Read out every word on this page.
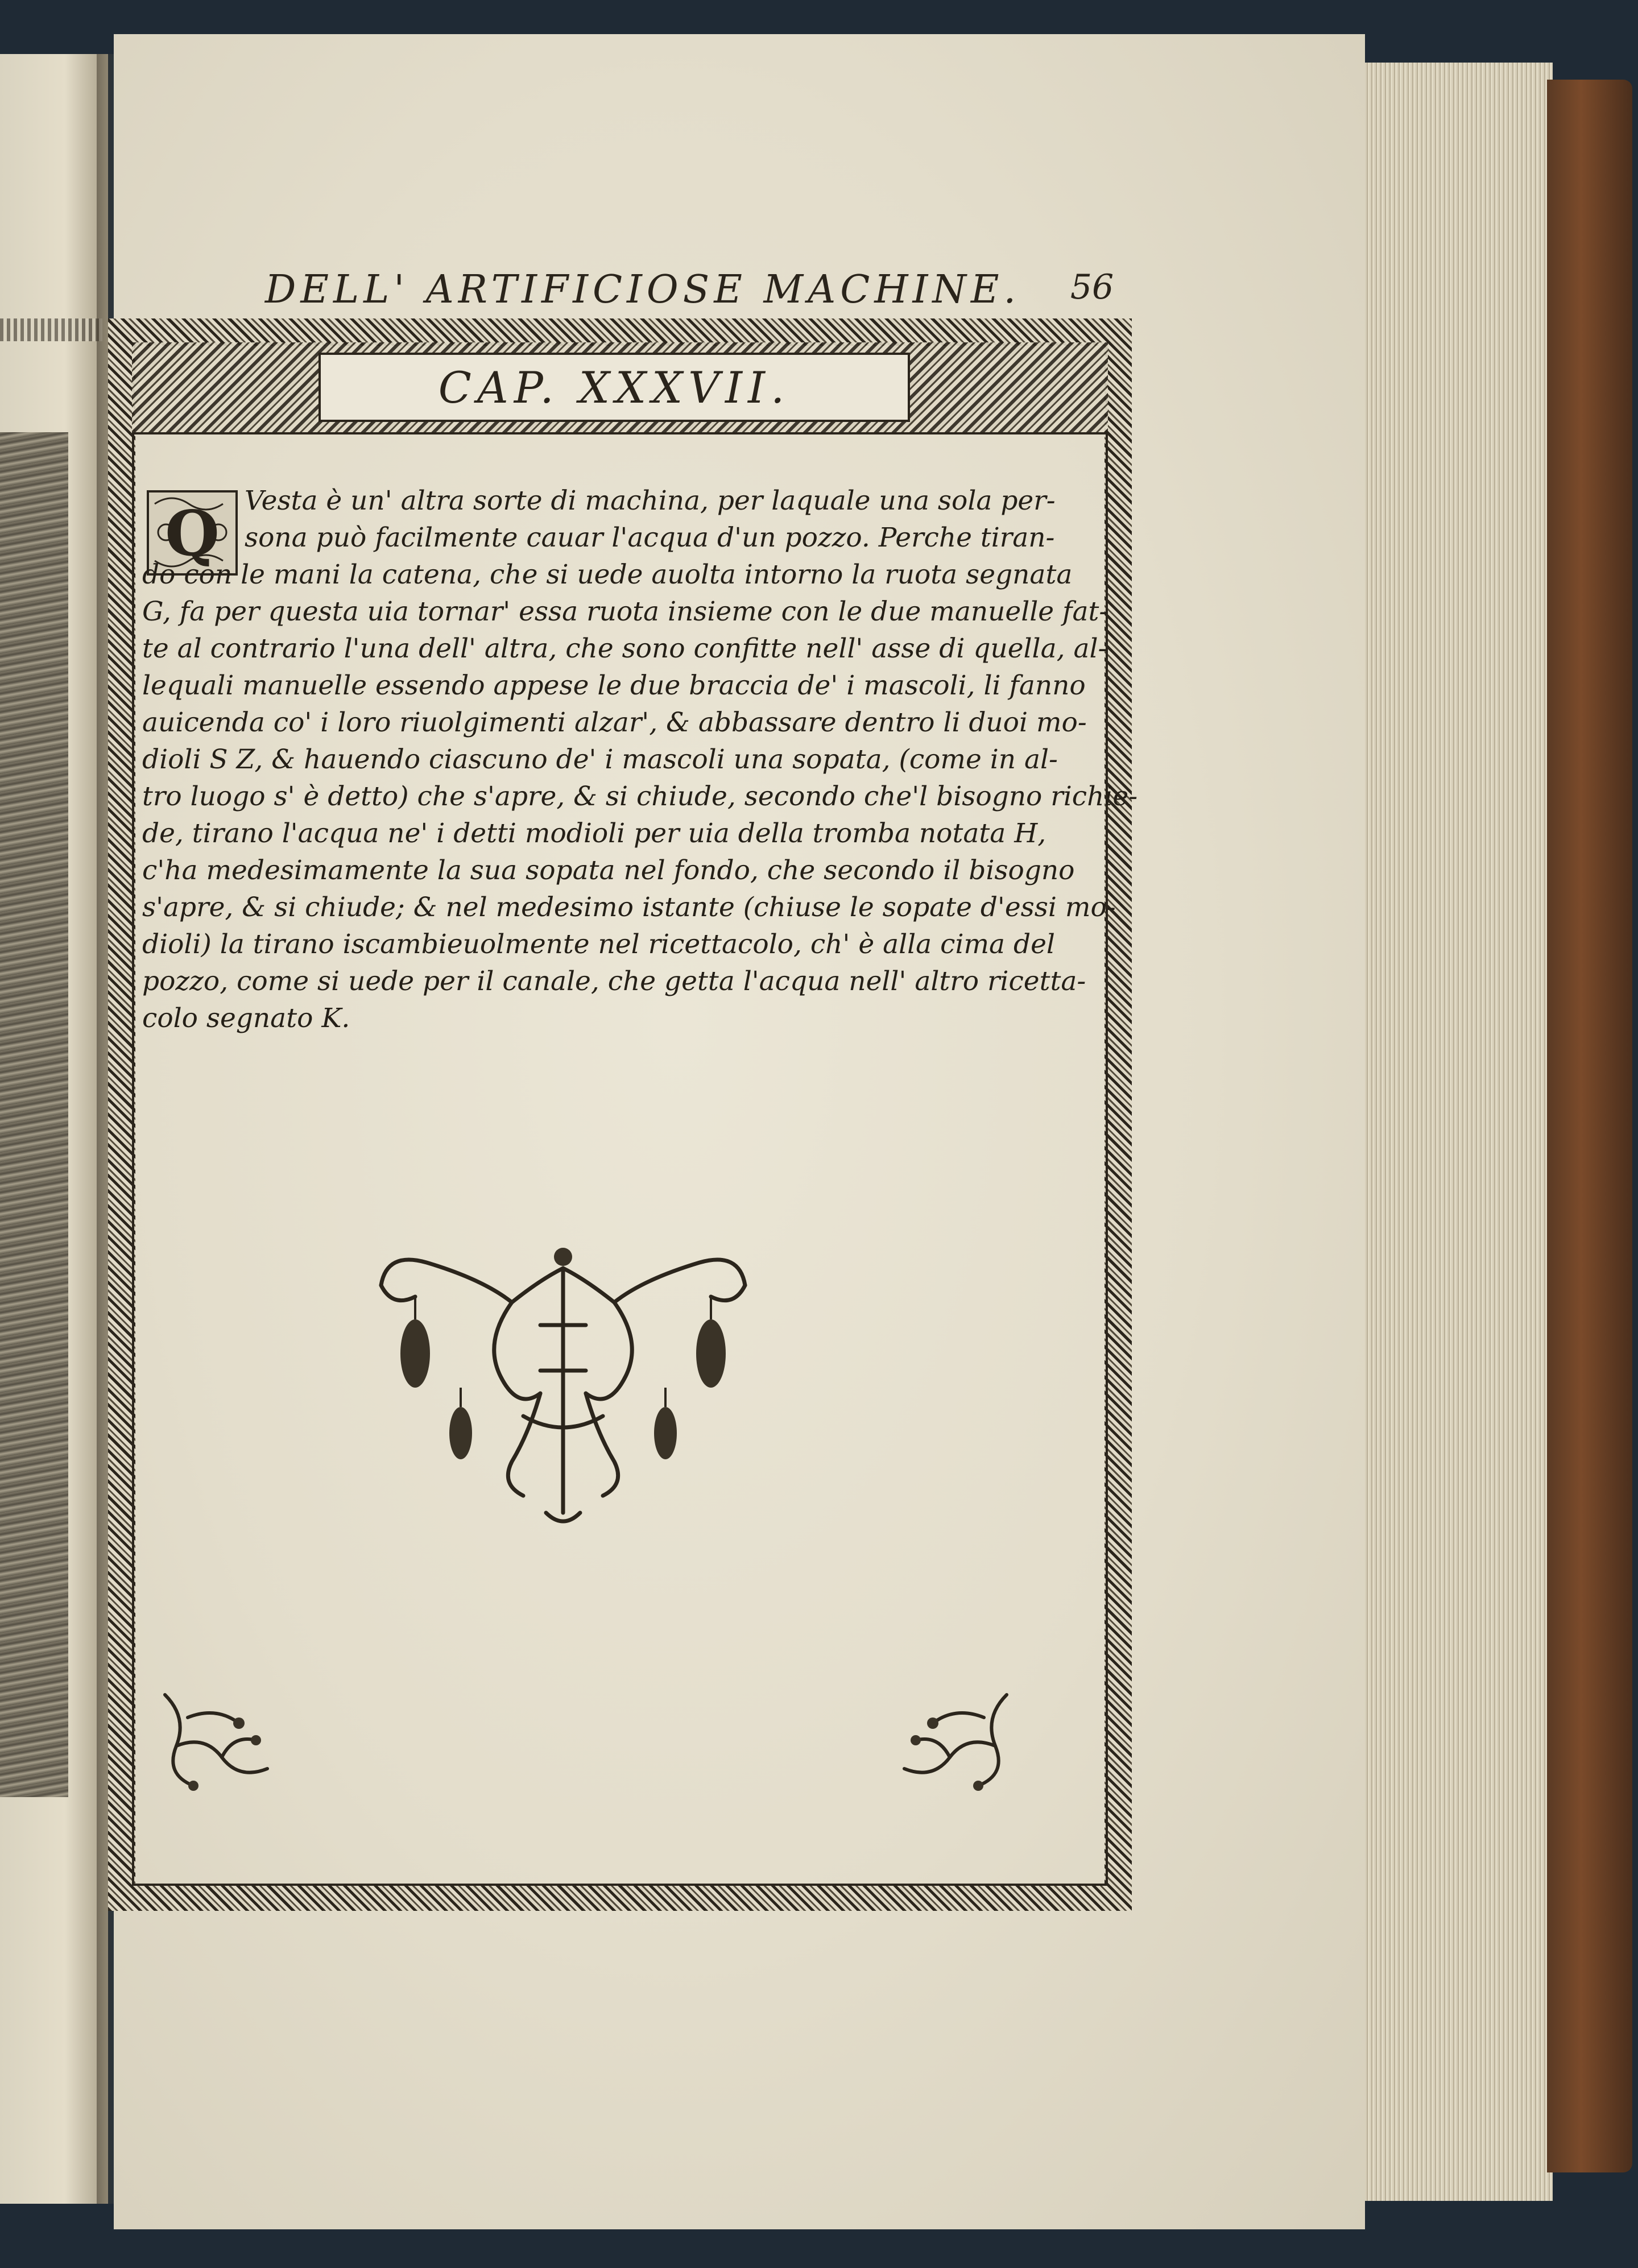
DELL' ARTIFICIOSE MACHINE.	56
CAP. XXXVII.
Q Vesta è un' altra sorte di machina, per laquale una sola per-
sona può facilmente cauar l'acqua d'un pozzo. Perche tiran-
do con le mani la catena, che si uede auolta intorno la ruota segnata
G, fa per questa uia tornar' essa ruota insieme con le due manuelle fat-
te al contrario l'una dell' altra, che sono confitte nell' asse di quella, al-
lequali manuelle essendo appese le due braccia de' i mascoli, li fanno
auicenda co' i loro riuolgimenti alzar', & abbassare dentro li duoi mo-
dioli S Z, & hauendo ciascuno de' i mascoli una sopata, (come in al-
tro luogo s' è detto) che s'apre, & si chiude, secondo che'l bisogno richie-
de, tirano l'acqua ne' i detti modioli per uia della tromba notata H,
c'ha medesimamente la sua sopata nel fondo, che secondo il bisogno
s'apre, & si chiude; & nel medesimo istante (chiuse le sopate d'essi mo-
dioli) la tirano iscambieuolmente nel ricettacolo, ch' è alla cima del
pozzo, come si uede per il canale, che getta l'acqua nell' altro ricetta-
colo segnato K.
